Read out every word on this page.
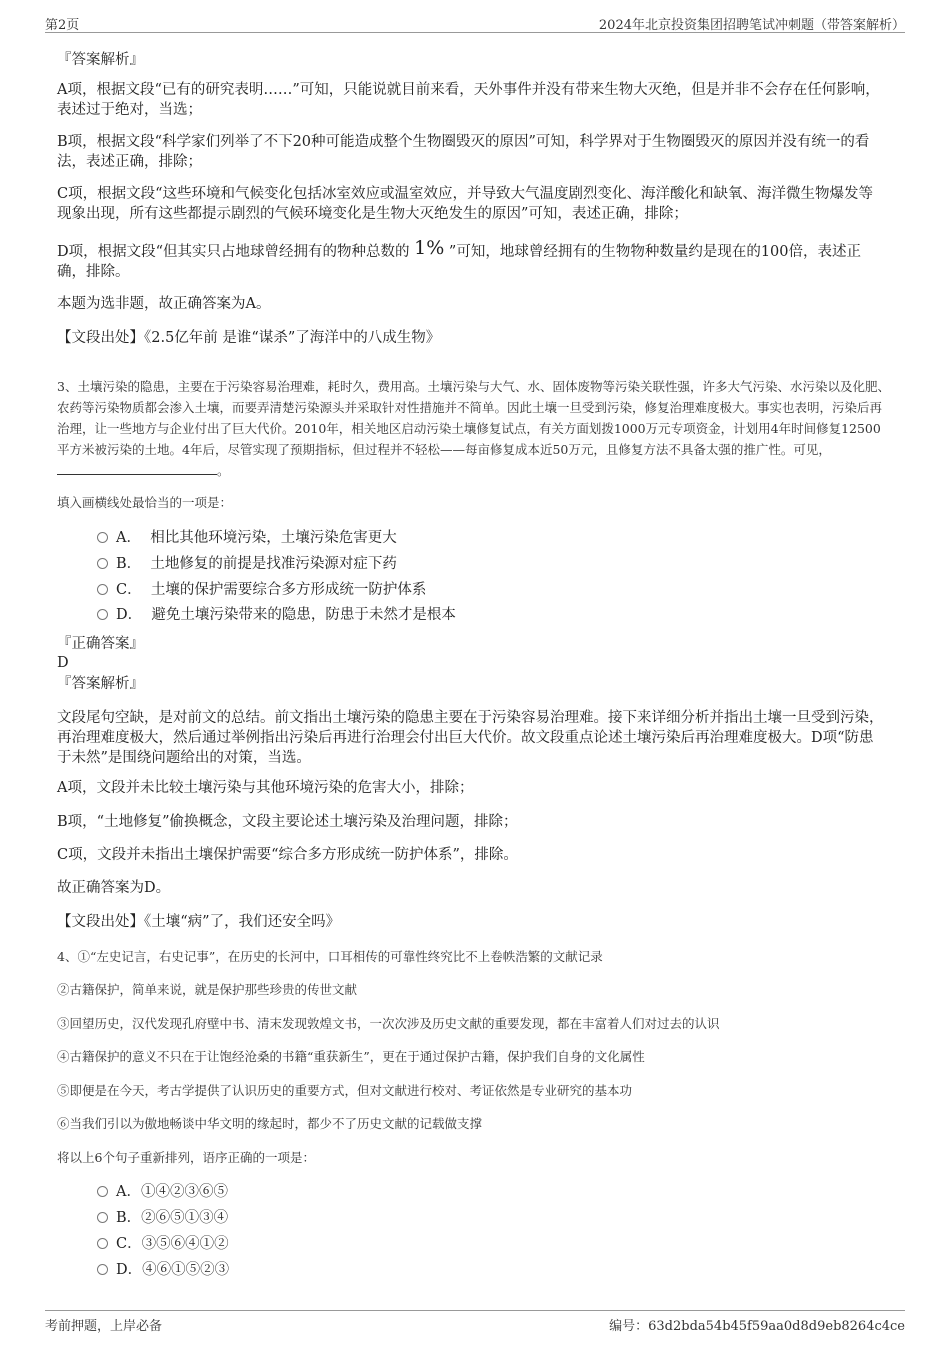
第2页	2024年北京投资集团招聘笔试冲刺题（带答案解析）
『答案解析』
A项，根据文段“已有的研究表明……”可知，只能说就目前来看，天外事件并没有带来生物大灭绝，但是并非不会存在任何影响，表述过于绝对，当选；
B项，根据文段“科学家们列举了不下20种可能造成整个生物圈毁灭的原因”可知，科学界对于生物圈毁灭的原因并没有统一的看法，表述正确，排除；
C项，根据文段“这些环境和气候变化包括冰室效应或温室效应，并导致大气温度剧烈变化、海洋酸化和缺氧、海洋微生物爆发等现象出现，所有这些都提示剧烈的气候环境变化是生物大灭绝发生的原因”可知，表述正确，排除；
D项，根据文段“但其实只占地球曾经拥有的物种总数的 1% ”可知，地球曾经拥有的生物物种数量约是现在的100倍，表述正确，排除。
本题为选非题，故正确答案为A。
【文段出处】《2.5亿年前 是谁“谋杀”了海洋中的八成生物》
3、土壤污染的隐患，主要在于污染容易治理难，耗时久，费用高。土壤污染与大气、水、固体废物等污染关联性强，许多大气污染、水污染以及化肥、农药等污染物质都会渗入土壤，而要弄清楚污染源头并采取针对性措施并不简单。因此土壤一旦受到污染，修复治理难度极大。事实也表明，污染后再治理，让一些地方与企业付出了巨大代价。2010年，相关地区启动污染土壤修复试点，有关方面划拨1000万元专项资金，计划用4年时间修复12500平方米被污染的土地。4年后，尽管实现了预期指标，但过程并不轻松——每亩修复成本近50万元，且修复方法不具备太强的推广性。可见，。
填入画横线处最恰当的一项是：
A． 相比其他环境污染，土壤污染危害更大
B． 土地修复的前提是找准污染源对症下药
C． 土壤的保护需要综合多方形成统一防护体系
D． 避免土壤污染带来的隐患，防患于未然才是根本
『正确答案』
D
『答案解析』
文段尾句空缺，是对前文的总结。前文指出土壤污染的隐患主要在于污染容易治理难。接下来详细分析并指出土壤一旦受到污染，再治理难度极大，然后通过举例指出污染后再进行治理会付出巨大代价。故文段重点论述土壤污染后再治理难度极大。D项“防患于未然”是围绕问题给出的对策，当选。
A项，文段并未比较土壤污染与其他环境污染的危害大小，排除；
B项，“土地修复”偷换概念，文段主要论述土壤污染及治理问题，排除；
C项，文段并未指出土壤保护需要“综合多方形成统一防护体系”，排除。
故正确答案为D。
【文段出处】《土壤“病”了，我们还安全吗》
4、①“左史记言，右史记事”，在历史的长河中，口耳相传的可靠性终究比不上卷帙浩繁的文献记录
②古籍保护，简单来说，就是保护那些珍贵的传世文献
③回望历史，汉代发现孔府壁中书、清末发现敦煌文书，一次次涉及历史文献的重要发现，都在丰富着人们对过去的认识
④古籍保护的意义不只在于让饱经沧桑的书籍“重获新生”，更在于通过保护古籍，保护我们自身的文化属性
⑤即便是在今天，考古学提供了认识历史的重要方式，但对文献进行校对、考证依然是专业研究的基本功
⑥当我们引以为傲地畅谈中华文明的缘起时，都少不了历史文献的记载做支撑
将以上6个句子重新排列，语序正确的一项是：
A．①④②③⑥⑤
B．②⑥⑤①③④
C．③⑤⑥④①②
D．④⑥①⑤②③
考前押题，上岸必备	编号：63d2bda54b45f59aa0d8d9eb8264c4ce
